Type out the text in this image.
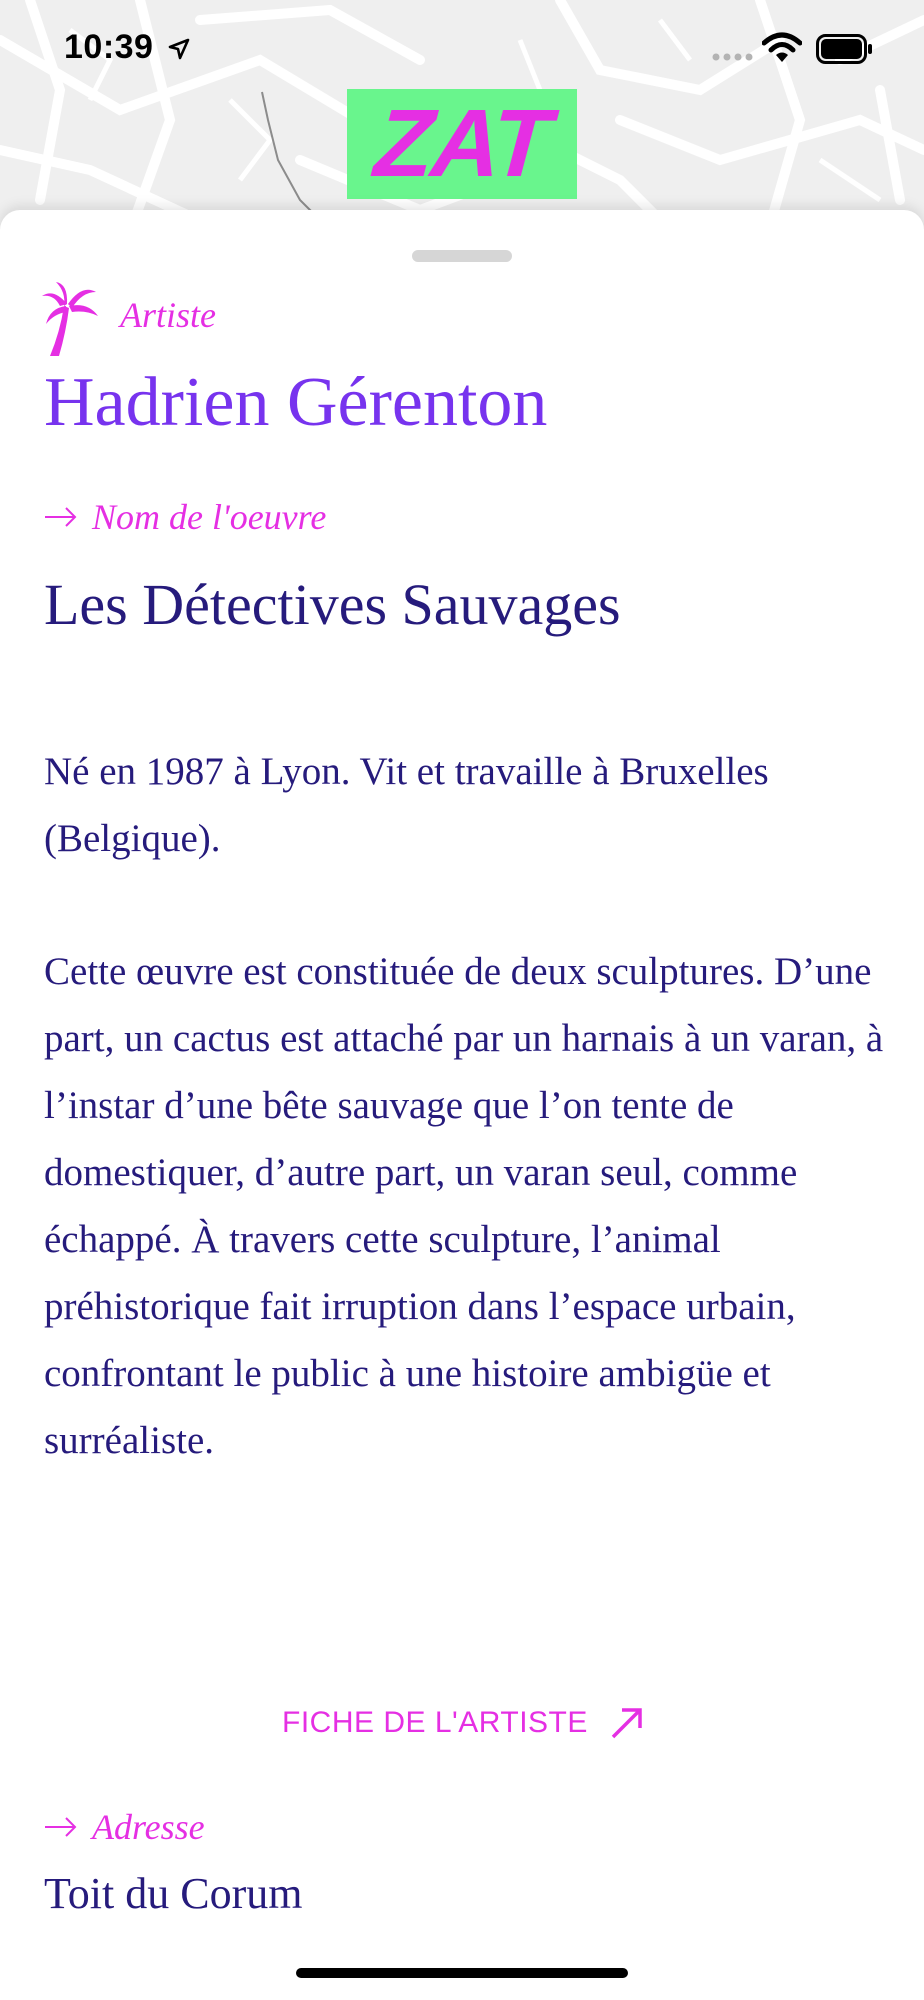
10:39
ZAT
Artiste
Hadrien Gérenton
Nom de l'oeuvre
Les Détectives Sauvages

Né en 1987 à Lyon. Vit et travaille à Bruxelles (Belgique).

Cette œuvre est constituée de deux sculptures. D’une part, un cactus est attaché par un harnais à un varan, à l’instar d’une bête sauvage que l’on tente de domestiquer, d’autre part, un varan seul, comme échappé. À travers cette sculpture, l’animal préhistorique fait irruption dans l’espace urbain, confrontant le public à une histoire ambigüe et surréaliste.

FICHE DE L'ARTISTE
Adresse
Toit du Corum
